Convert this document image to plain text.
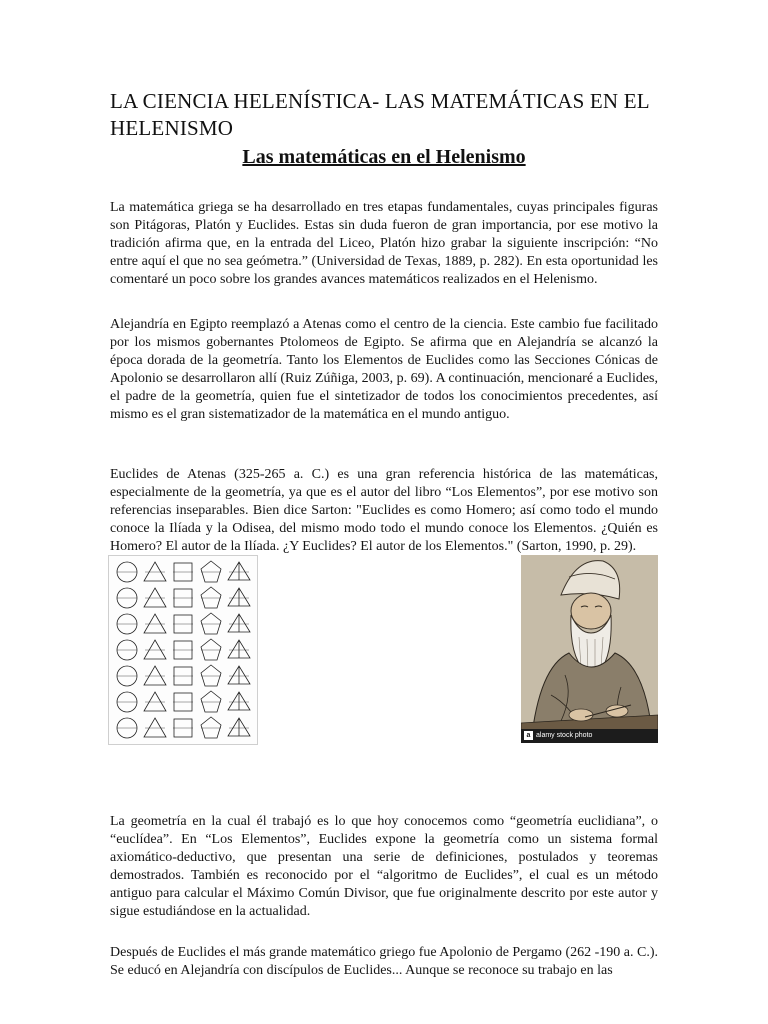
LA CIENCIA HELENÍSTICA- LAS MATEMÁTICAS EN EL HELENISMO
Las matemáticas en el Helenismo

La matemática griega se ha desarrollado en tres etapas fundamentales, cuyas principales figuras son Pitágoras, Platón y Euclides. Estas sin duda fueron de gran importancia, por ese motivo la tradición afirma que, en la entrada del Liceo, Platón hizo grabar la siguiente inscripción: “No entre aquí el que no sea geómetra.” (Universidad de Texas, 1889, p. 282). En esta oportunidad les comentaré un poco sobre los grandes avances matemáticos realizados en el Helenismo.

Alejandría en Egipto reemplazó a Atenas como el centro de la ciencia. Este cambio fue facilitado por los mismos gobernantes Ptolomeos de Egipto. Se afirma que en Alejandría se alcanzó la época dorada de la geometría. Tanto los Elementos de Euclides como las Secciones Cónicas de Apolonio se desarrollaron allí (Ruiz Zúñiga, 2003, p. 69). A continuación, mencionaré a Euclides, el padre de la geometría, quien fue el sintetizador de todos los conocimientos precedentes, así mismo es el gran sistematizador de la matemática en el mundo antiguo.

Euclides de Atenas (325-265 a. C.) es una gran referencia histórica de las matemáticas, especialmente de la geometría, ya que es el autor del libro “Los Elementos”, por ese motivo son referencias inseparables. Bien dice Sarton: "Euclides es como Homero; así como todo el mundo conoce la Ilíada y la Odisea, del mismo modo todo el mundo conoce los Elementos. ¿Quién es Homero? El autor de la Ilíada. ¿Y Euclides? El autor de los Elementos." (Sarton, 1990, p. 29).

a alamy stock photo

La geometría en la cual él trabajó es lo que hoy conocemos como “geometría euclidiana”, o “euclídea”. En “Los Elementos”, Euclides expone la geometría como un sistema formal axiomático-deductivo, que presentan una serie de definiciones, postulados y teoremas demostrados. También es reconocido por el “algoritmo de Euclides”, el cual es un método antiguo para calcular el Máximo Común Divisor, que fue originalmente descrito por este autor y sigue estudiándose en la actualidad.

Después de Euclides el más grande matemático griego fue Apolonio de Pergamo (262 -190 a. C.). Se educó en Alejandría con discípulos de Euclides... Aunque se reconoce su trabajo en las
